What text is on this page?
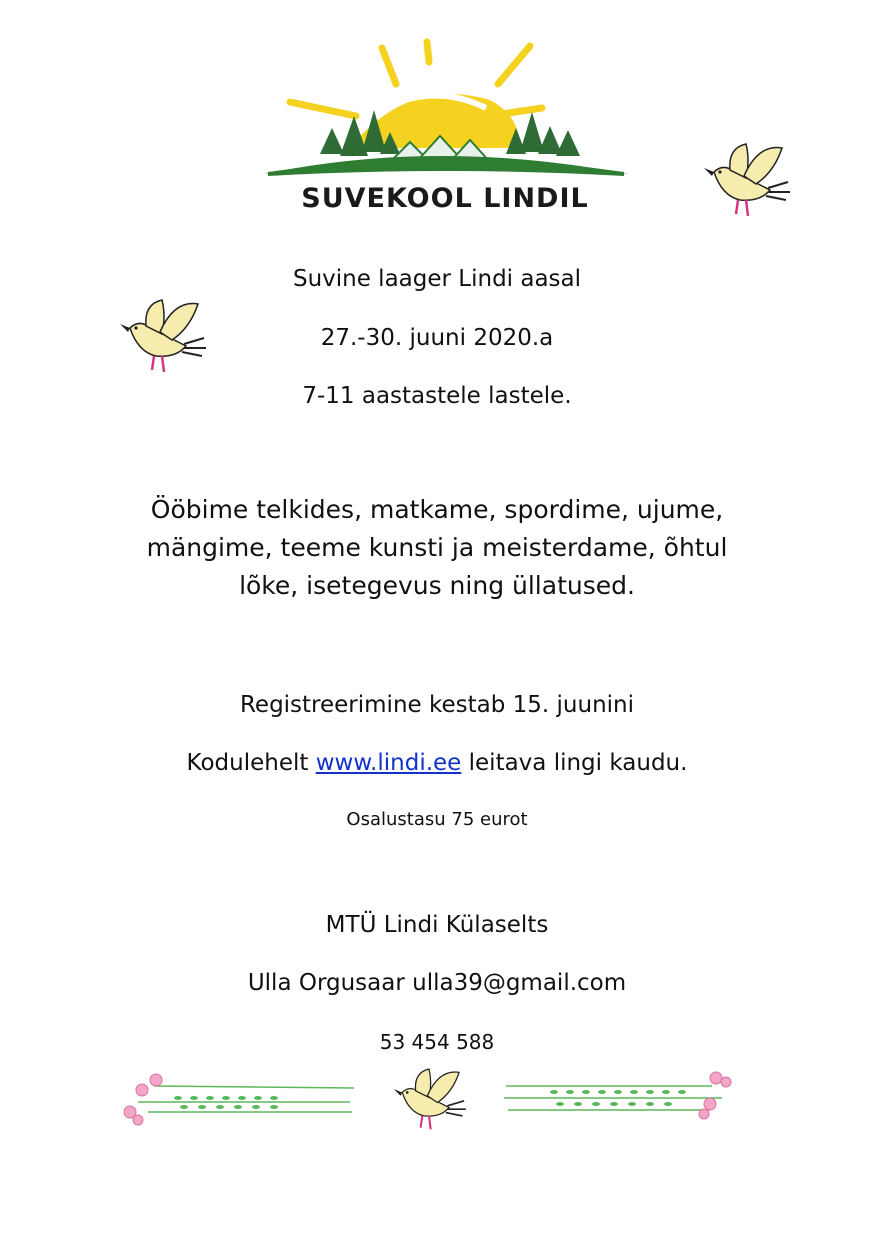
SUVEKOOL LINDIL
Suvine laager Lindi aasal
27.-30. juuni 2020.a
7-11 aastastele lastele.
Ööbime telkides, matkame, spordime, ujume,
mängime, teeme kunsti ja meisterdame, õhtul
lõke, isetegevus ning üllatused.
Registreerimine kestab 15. juunini
Kodulehelt www.lindi.ee leitava lingi kaudu.
Osalustasu 75 eurot
MTÜ Lindi Külaselts
Ulla Orgusaar ulla39@gmail.com
53 454 588
